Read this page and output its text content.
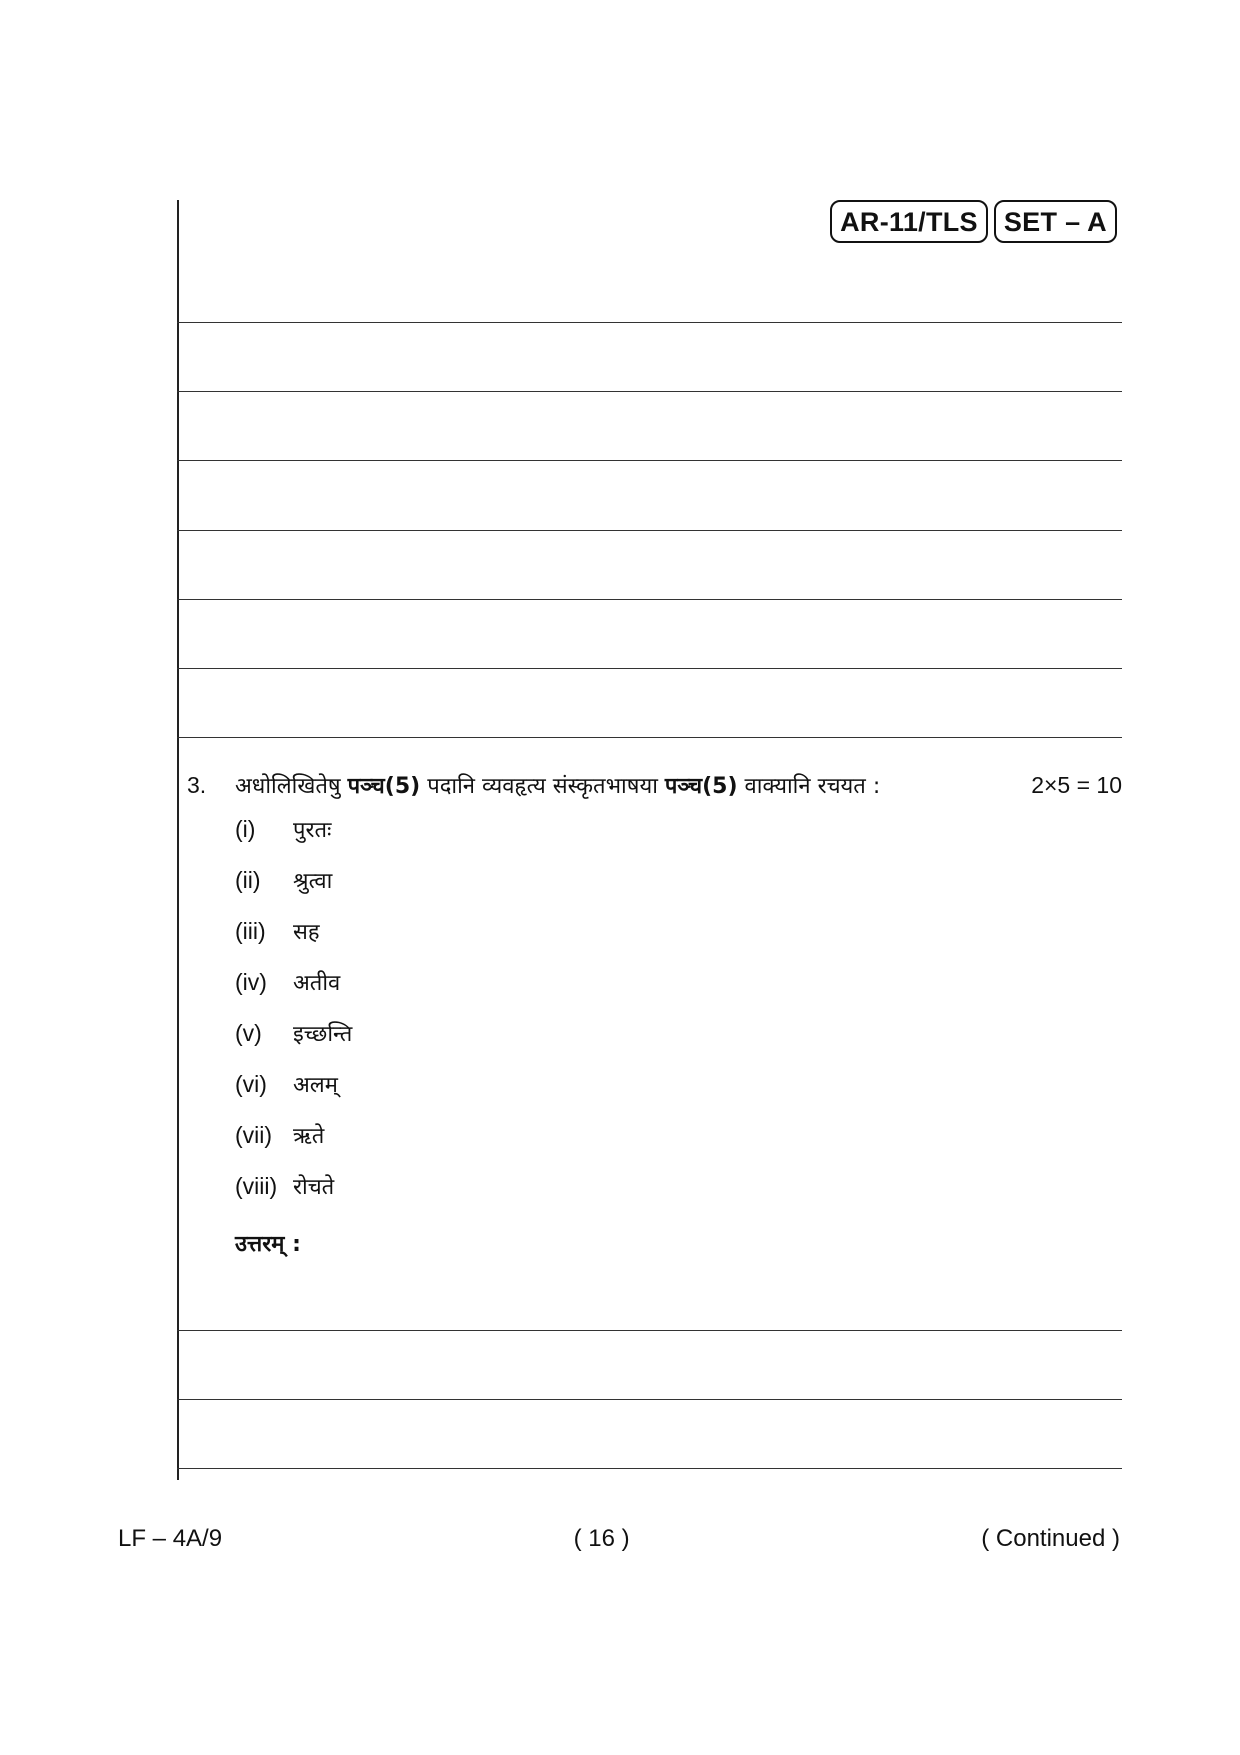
AR-11/TLS SET – A
3.	अधोलिखितेषु पञ्च(5) पदानि व्यवहृत्य संस्कृतभाषया पञ्च(5) वाक्यानि रचयत :	2×5 = 10
(i)	पुरतः
(ii)	श्रुत्वा
(iii)	सह
(iv)	अतीव
(v)	इच्छन्ति
(vi)	अलम्
(vii) ऋते
(viii) रोचते
उत्तरम् :
LF – 4A/9	( 16 )	( Continued )
